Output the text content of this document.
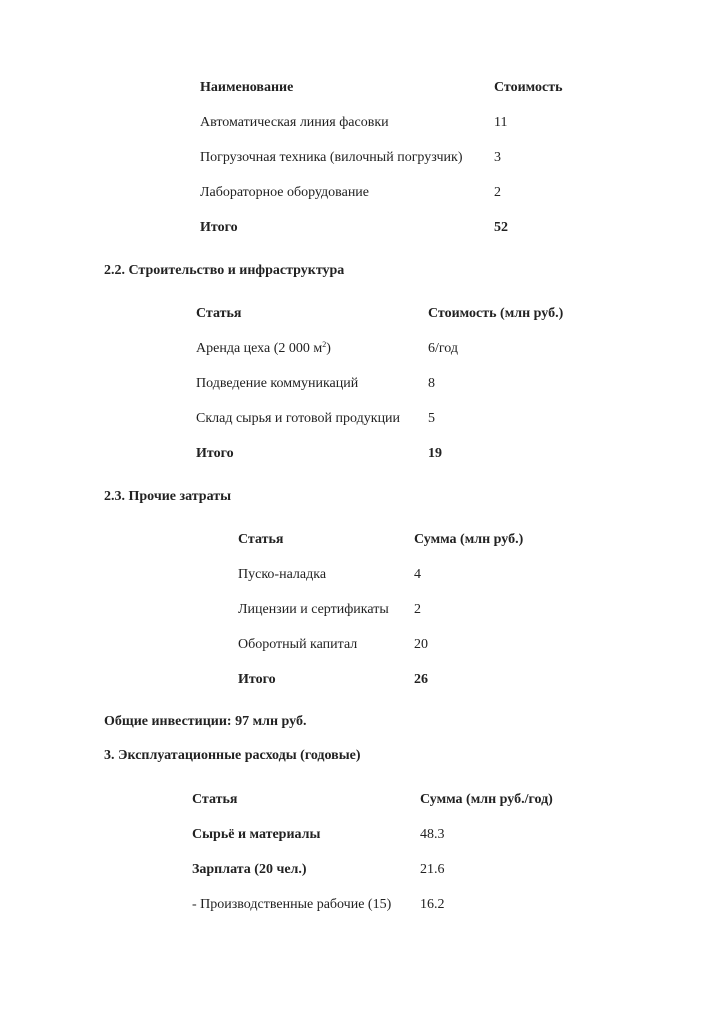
Наименование	Стоимость
Автоматическая линия фасовки	11
Погрузочная техника (вилочный погрузчик) 3
Лабораторное оборудование	2
Итого	52
2.2. Строительство и инфраструктура
Статья	Стоимость (млн руб.)
Аренда цеха (2 000 $м^2$)	6/год
Подведение коммуникаций	8
Склад сырья и готовой продукции 5
Итого	19
2.3. Прочие затраты
Статья	Сумма (млн руб.)
Пуско-наладка	4
Лицензии и сертификаты 2
Оборотный капитал	20
Итого	26
Общие инвестиции: 97 млн руб.
3. Эксплуатационные расходы (годовые)
Статья	Сумма (млн руб./год)
Сырьё и материалы	48.3
Зарплата (20 чел.)	21.6
- Производственные рабочие (15) 16.2
